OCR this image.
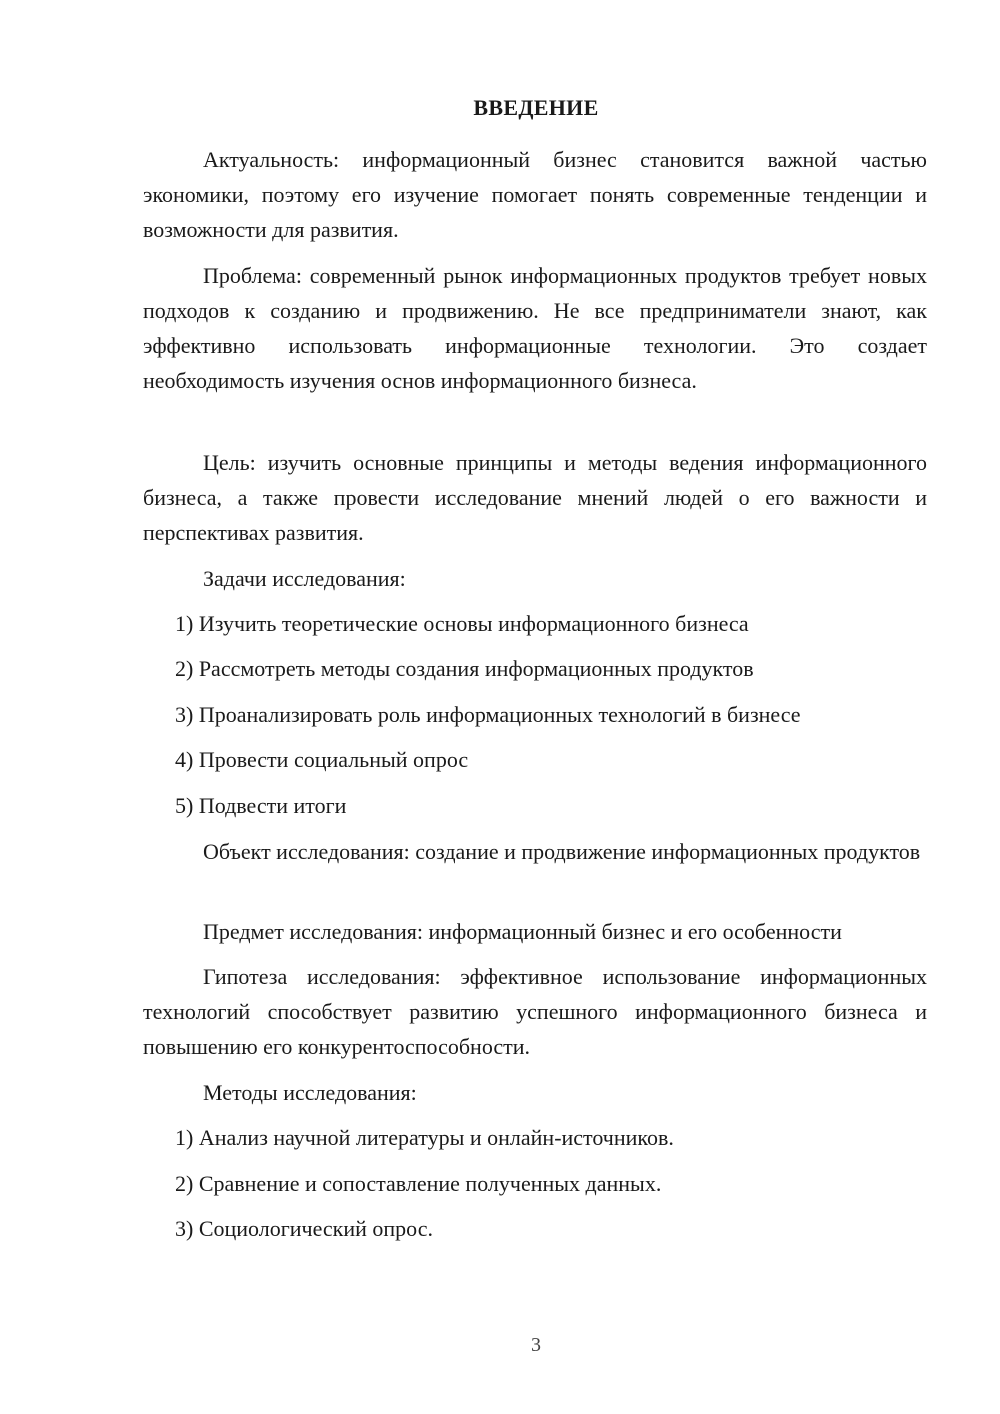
ВВЕДЕНИЕ

Актуальность: информационный бизнес становится важной частью экономики, поэтому его изучение помогает понять современные тенденции и возможности для развития.

Проблема: современный рынок информационных продуктов требует новых подходов к созданию и продвижению. Не все предприниматели знают, как эффективно использовать информационные технологии. Это создает необходимость изучения основ информационного бизнеса.

Цель: изучить основные принципы и методы ведения информационного бизнеса, а также провести исследование мнений людей о его важности и перспективах развития.

Задачи исследования:

1) Изучить теоретические основы информационного бизнеса

2) Рассмотреть методы создания информационных продуктов

3) Проанализировать роль информационных технологий в бизнесе

4) Провести социальный опрос

5) Подвести итоги

Объект исследования: создание и продвижение информационных продуктов

Предмет исследования: информационный бизнес и его особенности

Гипотеза исследования: эффективное использование информационных технологий способствует развитию успешного информационного бизнеса и повышению его конкурентоспособности.

Методы исследования:

1) Анализ научной литературы и онлайн-источников.

2) Сравнение и сопоставление полученных данных.

3) Социологический опрос.

3
